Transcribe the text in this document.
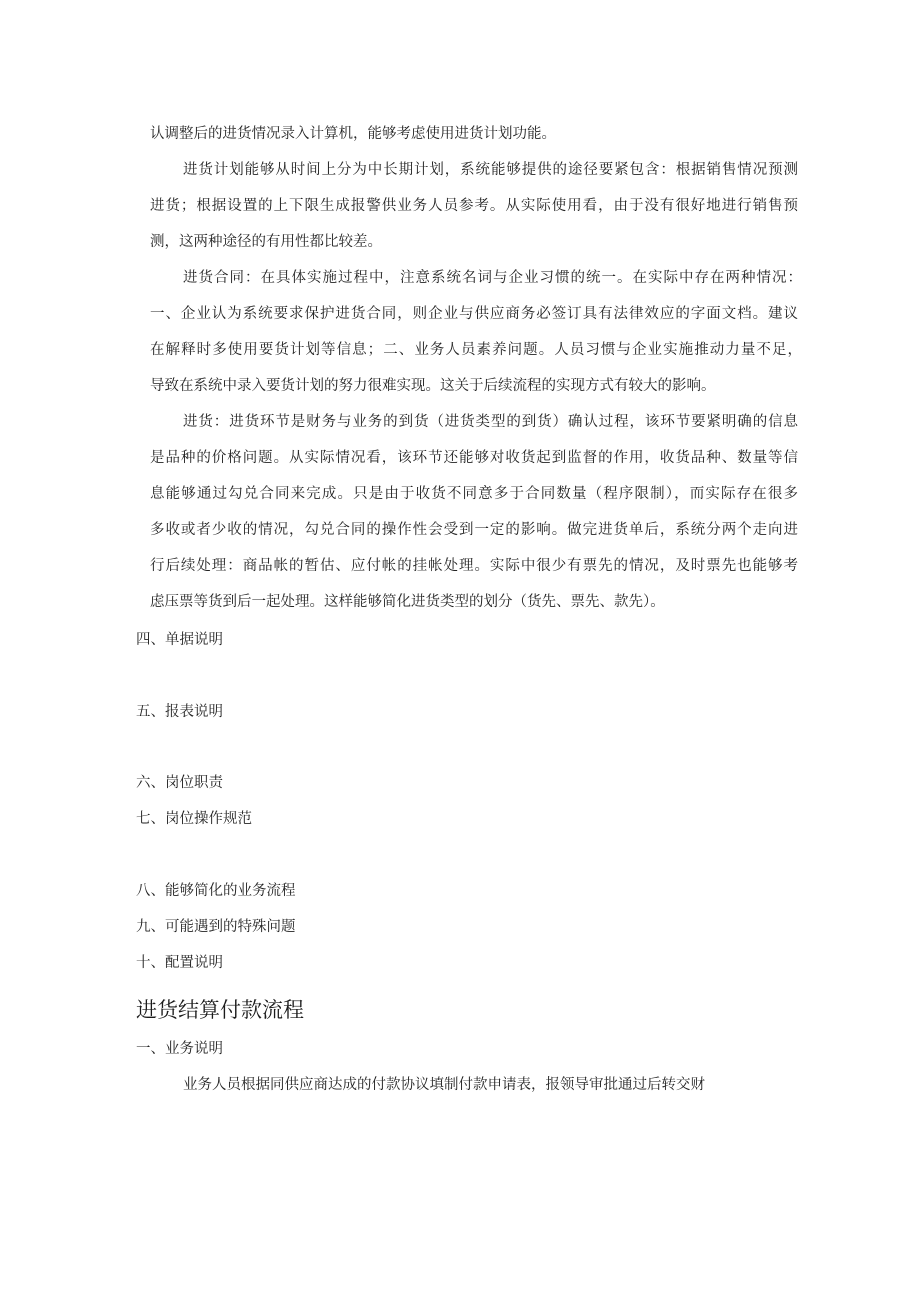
认调整后的进货情况录入计算机，能够考虑使用进货计划功能。
进货计划能够从时间上分为中长期计划，系统能够提供的途径要紧包含：根据销售情况预测
进货；根据设置的上下限生成报警供业务人员参考。从实际使用看，由于没有很好地进行销售预
测，这两种途径的有用性都比较差。
进货合同：在具体实施过程中，注意系统名词与企业习惯的统一。在实际中存在两种情况：
一、企业认为系统要求保护进货合同，则企业与供应商务必签订具有法律效应的字面文档。建议
在解释时多使用要货计划等信息；二、业务人员素养问题。人员习惯与企业实施推动力量不足，
导致在系统中录入要货计划的努力很难实现。这关于后续流程的实现方式有较大的影响。
进货：进货环节是财务与业务的到货（进货类型的到货）确认过程，该环节要紧明确的信息
是品种的价格问题。从实际情况看，该环节还能够对收货起到监督的作用，收货品种、数量等信
息能够通过勾兑合同来完成。只是由于收货不同意多于合同数量（程序限制），而实际存在很多
多收或者少收的情况，勾兑合同的操作性会受到一定的影响。做完进货单后，系统分两个走向进
行后续处理：商品帐的暂估、应付帐的挂帐处理。实际中很少有票先的情况，及时票先也能够考
虑压票等货到后一起处理。这样能够简化进货类型的划分（货先、票先、款先）。
四、单据说明
五、报表说明
六、岗位职责
七、岗位操作规范
八、能够简化的业务流程
九、可能遇到的特殊问题
十、配置说明
进货结算付款流程
一、业务说明
业务人员根据同供应商达成的付款协议填制付款申请表，报领导审批通过后转交财
